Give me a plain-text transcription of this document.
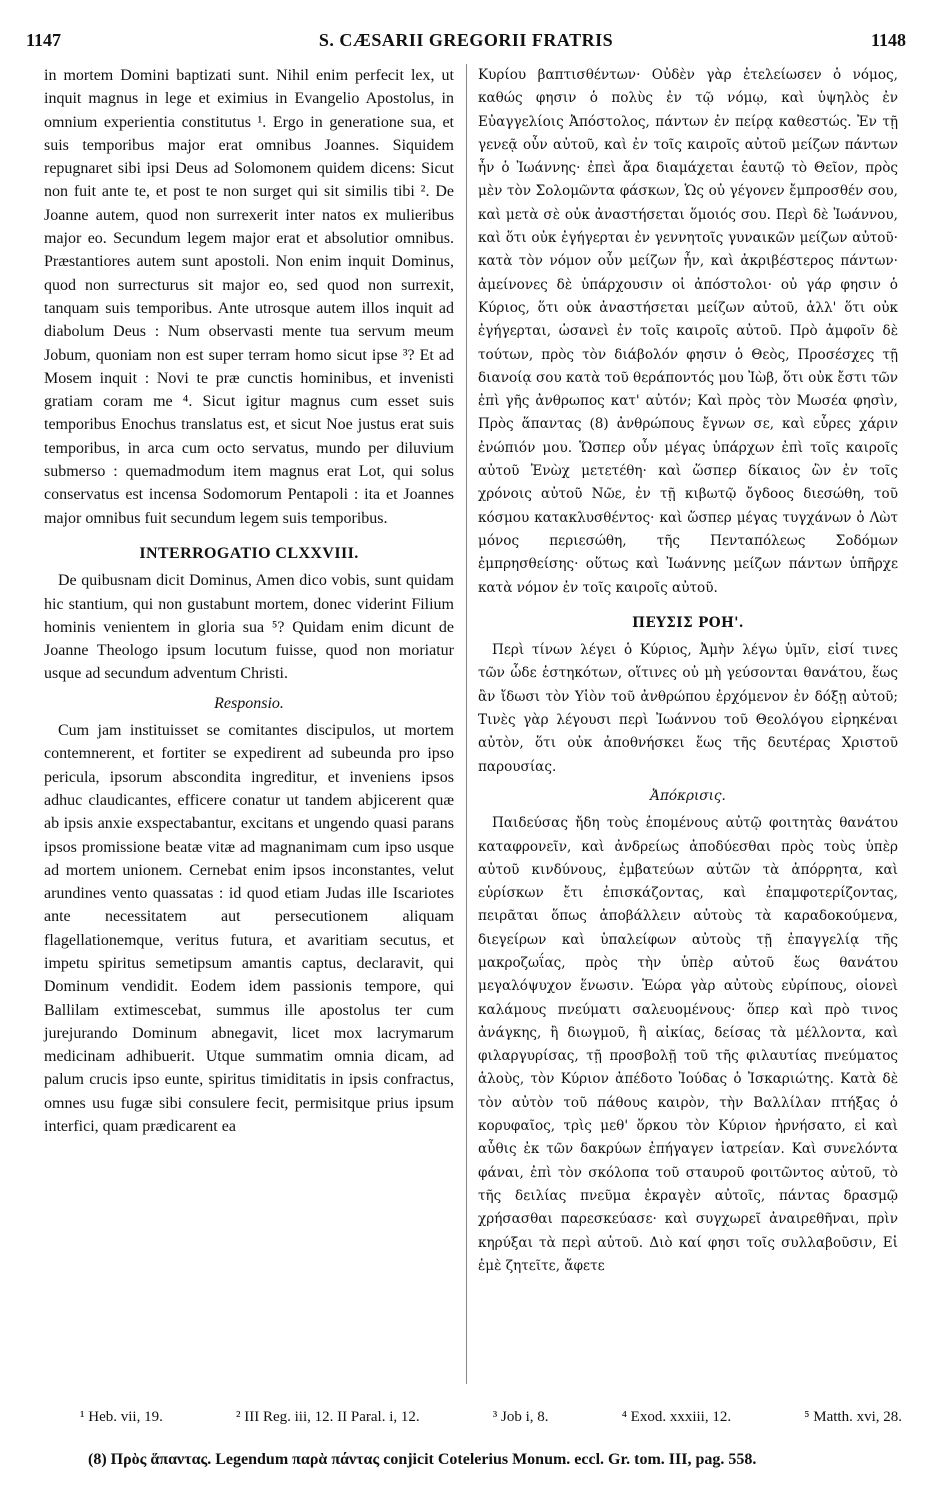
1147	S. CÆSARII GREGORII FRATRIS	1148

in mortem Domini baptizati sunt. Nihil enim perfecit lex, ut inquit magnus in lege et eximius in Evangelio Apostolus, in omnium experientia constitutus ¹. Ergo in generatione sua, et suis temporibus major erat omnibus Joannes. Siquidem repugnaret sibi ipsi Deus ad Solomonem quidem dicens: Sicut non fuit ante te, et post te non surget qui sit similis tibi ². De Joanne autem, quod non surrexerit inter natos ex mulieribus major eo. Secundum legem major erat et absolutior omnibus. Præstantiores autem sunt apostoli. Non enim inquit Dominus, quod non surrecturus sit major eo, sed quod non surrexit, tanquam suis temporibus. Ante utrosque autem illos inquit ad diabolum Deus : Num observasti mente tua servum meum Jobum, quoniam non est super terram homo sicut ipse ³? Et ad Mosem inquit : Novi te præ cunctis hominibus, et invenisti gratiam coram me ⁴. Sicut igitur magnus cum esset suis temporibus Enochus translatus est, et sicut Noe justus erat suis temporibus, in arca cum octo servatus, mundo per diluvium submerso : quemadmodum item magnus erat Lot, qui solus conservatus est incensa Sodomorum Pentapoli : ita et Joannes major omnibus fuit secundum legem suis temporibus.

INTERROGATIO CLXXVIII.

De quibusnam dicit Dominus, Amen dico vobis, sunt quidam hic stantium, qui non gustabunt mortem, donec viderint Filium hominis venientem in gloria sua ⁵? Quidam enim dicunt de Joanne Theologo ipsum locutum fuisse, quod non moriatur usque ad secundum adventum Christi.

Responsio.

Cum jam instituisset se comitantes discipulos, ut mortem contemnerent, et fortiter se expedirent ad subeunda pro ipso pericula, ipsorum abscondita ingreditur, et inveniens ipsos adhuc claudicantes, efficere conatur ut tandem abjicerent quæ ab ipsis anxie exspectabantur, excitans et ungendo quasi parans ipsos promissione beatæ vitæ ad magnanimam cum ipso usque ad mortem unionem. Cernebat enim ipsos inconstantes, velut arundines vento quassatas : id quod etiam Judas ille Iscariotes ante necessitatem aut persecutionem aliquam flagellationemque, veritus futura, et avaritiam secutus, et impetu spiritus semetipsum amantis captus, declaravit, qui Dominum vendidit. Eodem idem passionis tempore, qui Ballilam extimescebat, summus ille apostolus ter cum jurejurando Dominum abnegavit, licet mox lacrymarum medicinam adhibuerit. Utque summatim omnia dicam, ad palum crucis ipso eunte, spiritus timiditatis in ipsis confractus, omnes usu fugæ sibi consulere fecit, permisitque prius ipsum interfici, quam prædicarent ea

Κυρίου βαπτισθέντων· Οὐδὲν γὰρ ἐτελείωσεν ὁ νόμος, καθώς φησιν ὁ πολὺς ἐν τῷ νόμῳ, καὶ ὑψηλὸς ἐν Εὐαγγελίοις Ἀπόστολος, πάντων ἐν πείρᾳ καθεστώς. Ἐν τῇ γενεᾷ οὖν αὐτοῦ, καὶ ἐν τοῖς καιροῖς αὐτοῦ μείζων πάντων ἦν ὁ Ἰωάννης· ἐπεὶ ἄρα διαμάχεται ἑαυτῷ τὸ Θεῖον, πρὸς μὲν τὸν Σολομῶντα φάσκων, Ὡς οὐ γέγονεν ἔμπροσθέν σου, καὶ μετὰ σὲ οὐκ ἀναστήσεται ὅμοιός σου. Περὶ δὲ Ἰωάννου, καὶ ὅτι οὐκ ἐγήγερται ἐν γεννητοῖς γυναικῶν μείζων αὐτοῦ· κατὰ τὸν νόμον οὖν μείζων ἦν, καὶ ἀκριβέστερος πάντων· ἀμείνονες δὲ ὑπάρχουσιν οἱ ἀπόστολοι· οὐ γάρ φησιν ὁ Κύριος, ὅτι οὐκ ἀναστήσεται μείζων αὐτοῦ, ἀλλ' ὅτι οὐκ ἐγήγερται, ὡσανεὶ ἐν τοῖς καιροῖς αὐτοῦ. Πρὸ ἀμφοῖν δὲ τούτων, πρὸς τὸν διάβολόν φησιν ὁ Θεὸς, Προσέσχες τῇ διανοίᾳ σου κατὰ τοῦ θεράποντός μου Ἰὼβ, ὅτι οὐκ ἔστι τῶν ἐπὶ γῆς ἀνθρωπος κατ' αὐτόν; Καὶ πρὸς τὸν Μωσέα φησὶν, Πρὸς ἅπαντας (8) ἀνθρώπους ἔγνων σε, καὶ εὗρες χάριν ἐνώπιόν μου. Ὥσπερ οὖν μέγας ὑπάρχων ἐπὶ τοῖς καιροῖς αὐτοῦ Ἐνὼχ μετετέθη· καὶ ὥσπερ δίκαιος ὢν ἐν τοῖς χρόνοις αὐτοῦ Νῶε, ἐν τῇ κιβωτῷ ὄγδοος διεσώθη, τοῦ κόσμου κατακλυσθέντος· καὶ ὥσπερ μέγας τυγχάνων ὁ Λὼτ μόνος περιεσώθη, τῆς Πενταπόλεως Σοδόμων ἐμπρησθείσης· οὕτως καὶ Ἰωάννης μείζων πάντων ὑπῆρχε κατὰ νόμον ἐν τοῖς καιροῖς αὐτοῦ.

ΠΕΥΣΙΣ ΡΟΗ'.

Περὶ τίνων λέγει ὁ Κύριος, Ἀμὴν λέγω ὑμῖν, εἰσί τινες τῶν ὧδε ἑστηκότων, οἵτινες οὐ μὴ γεύσονται θανάτου, ἕως ἂν ἴδωσι τὸν Υἱὸν τοῦ ἀνθρώπου ἐρχόμενον ἐν δόξῃ αὐτοῦ; Τινὲς γὰρ λέγουσι περὶ Ἰωάννου τοῦ Θεολόγου εἰρηκέναι αὐτὸν, ὅτι οὐκ ἀποθνήσκει ἕως τῆς δευτέρας Χριστοῦ παρουσίας.

Ἀπόκρισις.

Παιδεύσας ἤδη τοὺς ἑπομένους αὐτῷ φοιτητὰς θανάτου καταφρονεῖν, καὶ ἀνδρείως ἀποδύεσθαι πρὸς τοὺς ὑπὲρ αὐτοῦ κινδύνους, ἐμβατεύων αὐτῶν τὰ ἀπόρρητα, καὶ εὑρίσκων ἔτι ἐπισκάζοντας, καὶ ἐπαμφοτερίζοντας, πειρᾶται ὅπως ἀποβάλλειν αὐτοὺς τὰ καραδοκούμενα, διεγείρων καὶ ὑπαλείφων αὐτοὺς τῇ ἐπαγγελίᾳ τῆς μακροζωΐας, πρὸς τὴν ὑπὲρ αὐτοῦ ἕως θανάτου μεγαλόψυχον ἕνωσιν. Ἑώρα γὰρ αὐτοὺς εὐρίπους, οἱονεὶ καλάμους πνεύματι σαλευομένους· ὅπερ καὶ πρὸ τινος ἀνάγκης, ἢ διωγμοῦ, ἢ αἰκίας, δείσας τὰ μέλλοντα, καὶ φιλαργυρίσας, τῇ προσβολῇ τοῦ τῆς φιλαυτίας πνεύματος ἁλοὺς, τὸν Κύριον ἀπέδοτο Ἰούδας ὁ Ἰσκαριώτης. Κατὰ δὲ τὸν αὐτὸν τοῦ πάθους καιρὸν, τὴν Βαλλίλαν πτήξας ὁ κορυφαῖος, τρὶς μεθ' ὅρκου τὸν Κύριον ἠρνήσατο, εἰ καὶ αὖθις ἐκ τῶν δακρύων ἐπήγαγεν ἰατρείαν. Καὶ συνελόντα φάναι, ἐπὶ τὸν σκόλοπα τοῦ σταυροῦ φοιτῶντος αὐτοῦ, τὸ τῆς δειλίας πνεῦμα ἐκραγὲν αὐτοῖς, πάντας δρασμῷ χρήσασθαι παρεσκεύασε· καὶ συγχωρεῖ ἀναιρεθῆναι, πρὶν κηρύξαι τὰ περὶ αὐτοῦ. Διὸ καί φησι τοῖς συλλαβοῦσιν, Εἰ ἐμὲ ζητεῖτε, ἄφετε

¹ Heb. vii, 19.	² III Reg. iii, 12. II Paral. i, 12.	³ Job i, 8.	⁴ Exod. xxxiii, 12.	⁵ Matth. xvi, 28.
(8) Πρὸς ἅπαντας. Legendum παρὰ πάντας conjicit Cotelerius Monum. eccl. Gr. tom. III, pag. 558.
